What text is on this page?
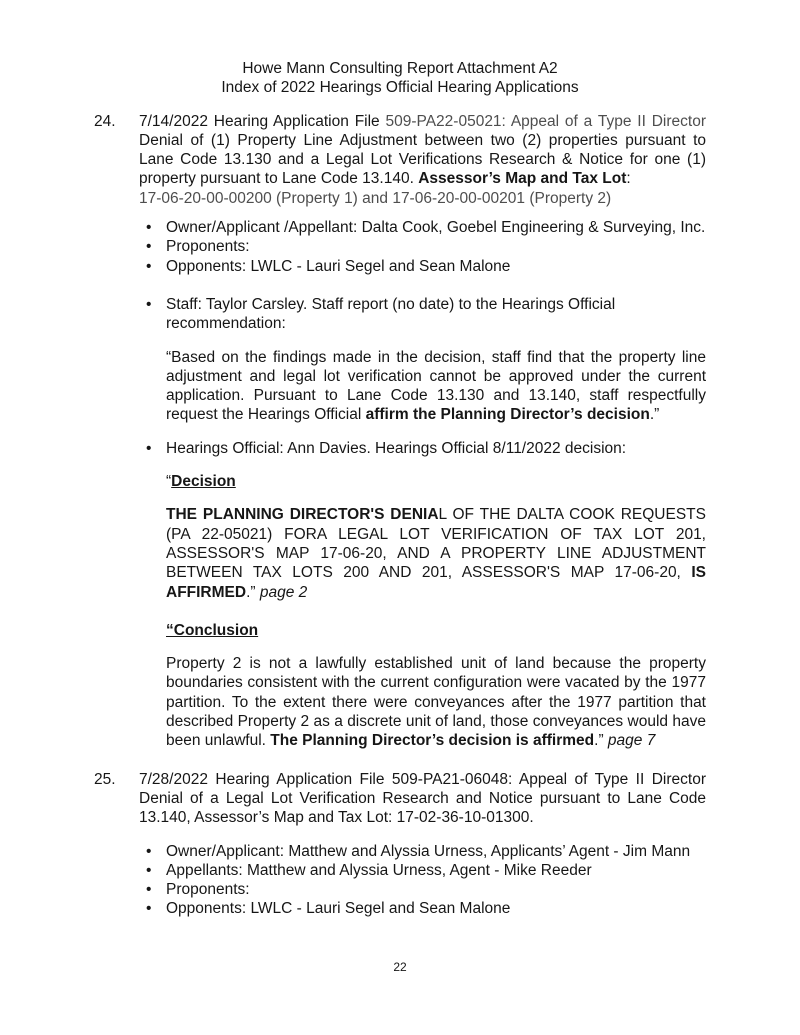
Howe Mann Consulting Report Attachment A2
Index of 2022 Hearings Official Hearing Applications
24.	7/14/2022 Hearing Application File 509-PA22-05021: Appeal of a Type II Director Denial of (1) Property Line Adjustment between two (2) properties pursuant to Lane Code 13.130 and a Legal Lot Verifications Research & Notice for one (1) property pursuant to Lane Code 13.140. Assessor’s Map and Tax Lot:

17-06-20-00-00200 (Property 1) and 17-06-20-00-00201 (Property 2)

• Owner/Applicant /Appellant: Dalta Cook, Goebel Engineering & Surveying, Inc.
• Proponents:
• Opponents: LWLC - Lauri Segel and Sean Malone
• Staff: Taylor Carsley. Staff report (no date) to the Hearings Official recommendation:

“Based on the findings made in the decision, staff find that the property line adjustment and legal lot verification cannot be approved under the current application. Pursuant to Lane Code 13.130 and 13.140, staff respectfully request the Hearings Official affirm the Planning Director’s decision.”

• Hearings Official: Ann Davies. Hearings Official 8/11/2022 decision:

“Decision

THE PLANNING DIRECTOR'S DENIAL OF THE DALTA COOK REQUESTS (PA 22-05021) FORA LEGAL LOT VERIFICATION OF TAX LOT 201, ASSESSOR'S MAP 17-06-20, AND A PROPERTY LINE ADJUSTMENT BETWEEN TAX LOTS 200 AND 201, ASSESSOR'S MAP 17-06-20, IS AFFIRMED.” page 2

“Conclusion

Property 2 is not a lawfully established unit of land because the property boundaries consistent with the current configuration were vacated by the 1977 partition. To the extent there were conveyances after the 1977 partition that described Property 2 as a discrete unit of land, those conveyances would have been unlawful. The Planning Director’s decision is affirmed.” page 7

25.	7/28/2022 Hearing Application File 509-PA21-06048: Appeal of Type II Director Denial of a Legal Lot Verification Research and Notice pursuant to Lane Code 13.140, Assessor’s Map and Tax Lot: 17-02-36-10-01300.

• Owner/Applicant: Matthew and Alyssia Urness, Applicants’ Agent - Jim Mann
• Appellants: Matthew and Alyssia Urness, Agent - Mike Reeder
• Proponents:
• Opponents: LWLC - Lauri Segel and Sean Malone
22
